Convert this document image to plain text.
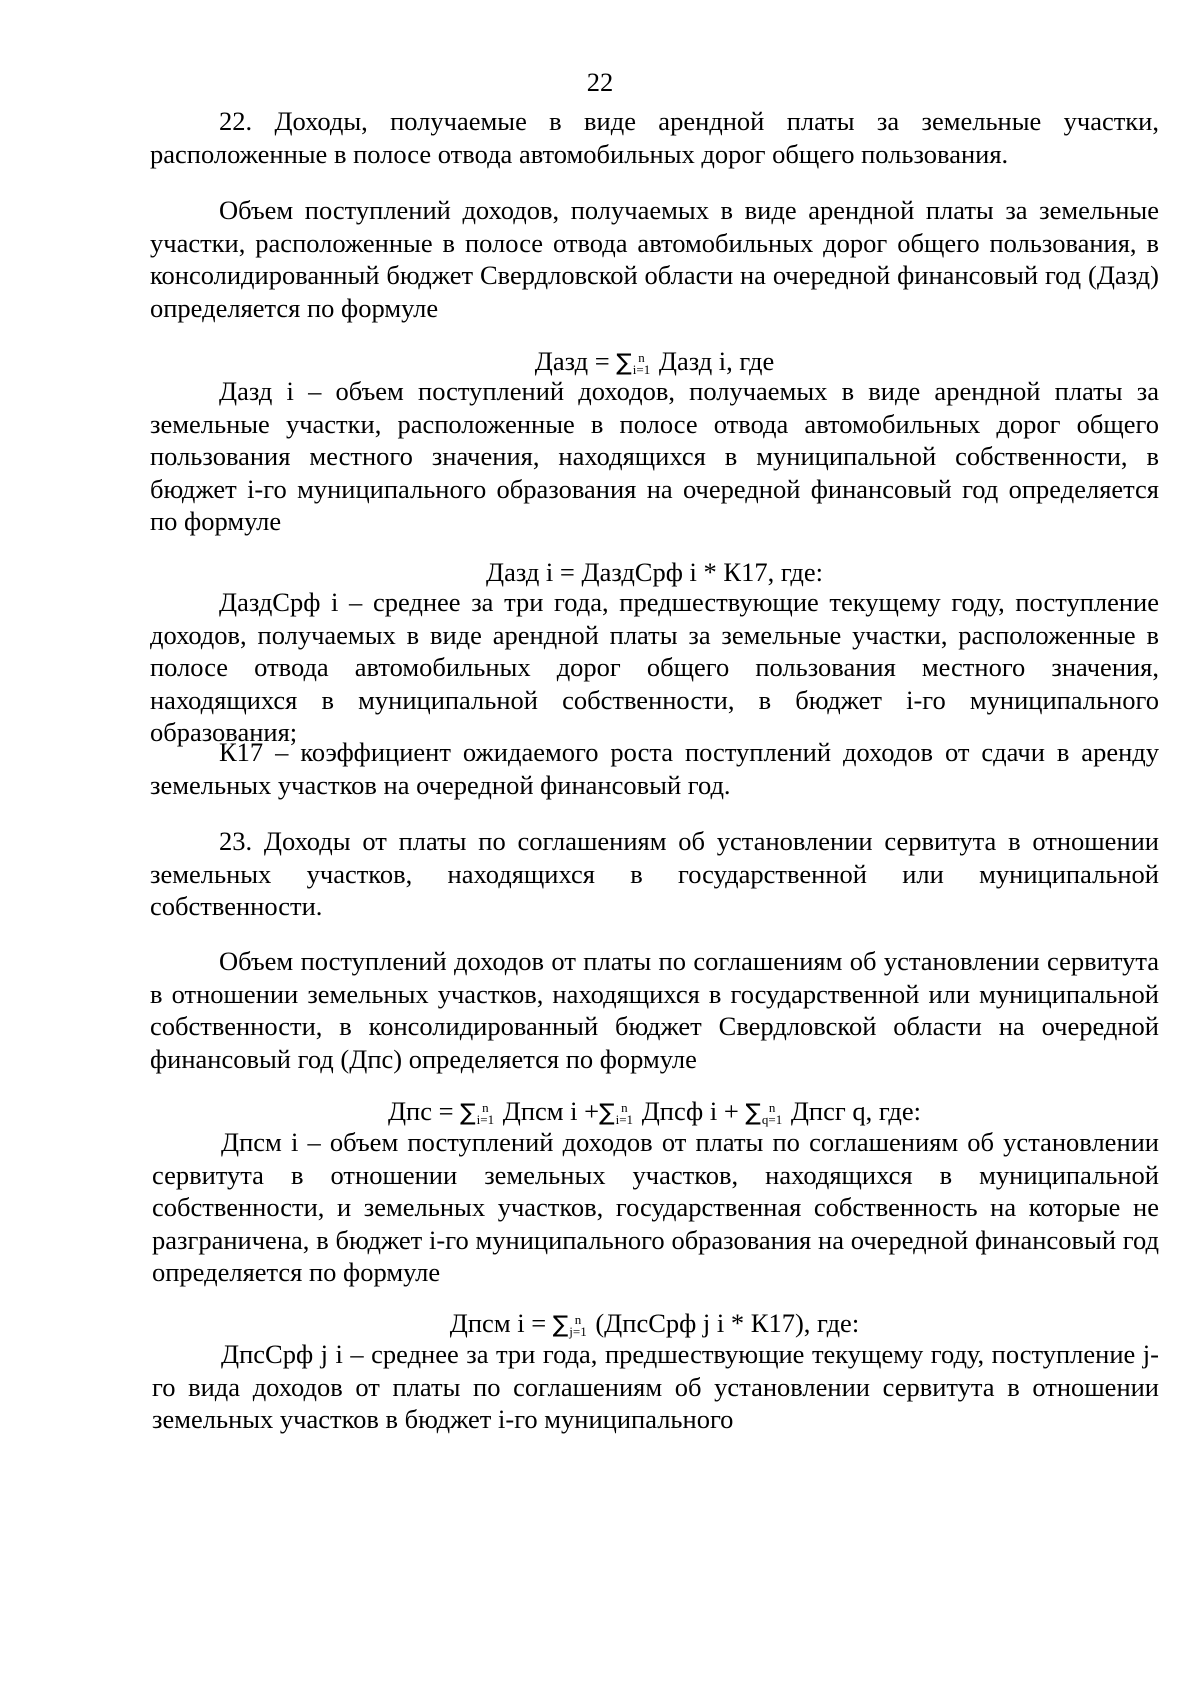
22

22. Доходы, получаемые в виде арендной платы за земельные участки, расположенные в полосе отвода автомобильных дорог общего пользования.

Объем поступлений доходов, получаемых в виде арендной платы за земельные участки, расположенные в полосе отвода автомобильных дорог общего пользования, в консолидированный бюджет Свердловской области на очередной финансовый год (Дазд) определяется по формуле

Дазд = ∑ n
i=1 Дазд i, где

Дазд i – объем поступлений доходов, получаемых в виде арендной платы за земельные участки, расположенные в полосе отвода автомобильных дорог общего пользования местного значения, находящихся в муниципальной собственности, в бюджет i-го муниципального образования на очередной финансовый год определяется по формуле

Дазд i = ДаздСрф i * К17, где:

ДаздСрф i – среднее за три года, предшествующие текущему году, поступление доходов, получаемых в виде арендной платы за земельные участки, расположенные в полосе отвода автомобильных дорог общего пользования местного значения, находящихся в муниципальной собственности, в бюджет i-го муниципального образования;

К17 – коэффициент ожидаемого роста поступлений доходов от сдачи в аренду земельных участков на очередной финансовый год.

23. Доходы от платы по соглашениям об установлении сервитута в отношении земельных участков, находящихся в государственной или муниципальной собственности.

Объем поступлений доходов от платы по соглашениям об установлении сервитута в отношении земельных участков, находящихся в государственной или муниципальной собственности, в консолидированный бюджет Свердловской области на очередной финансовый год (Дпс) определяется по формуле

Дпс = ∑ n
i=1 Дпсм i +∑ n
i=1 Дпсф i + ∑ n
q=1 Дпсг q, где:

Дпсм i – объем поступлений доходов от платы по соглашениям об установлении сервитута в отношении земельных участков, находящихся в муниципальной собственности, и земельных участков, государственная собственность на которые не разграничена, в бюджет i-го муниципального образования на очередной финансовый год определяется по формуле

Дпсм i = ∑ n
j=1 (ДпсСрф j i * К17), где:

ДпсСрф j i – среднее за три года, предшествующие текущему году, поступление j-го вида доходов от платы по соглашениям об установлении сервитута в отношении земельных участков в бюджет i-го муниципального
